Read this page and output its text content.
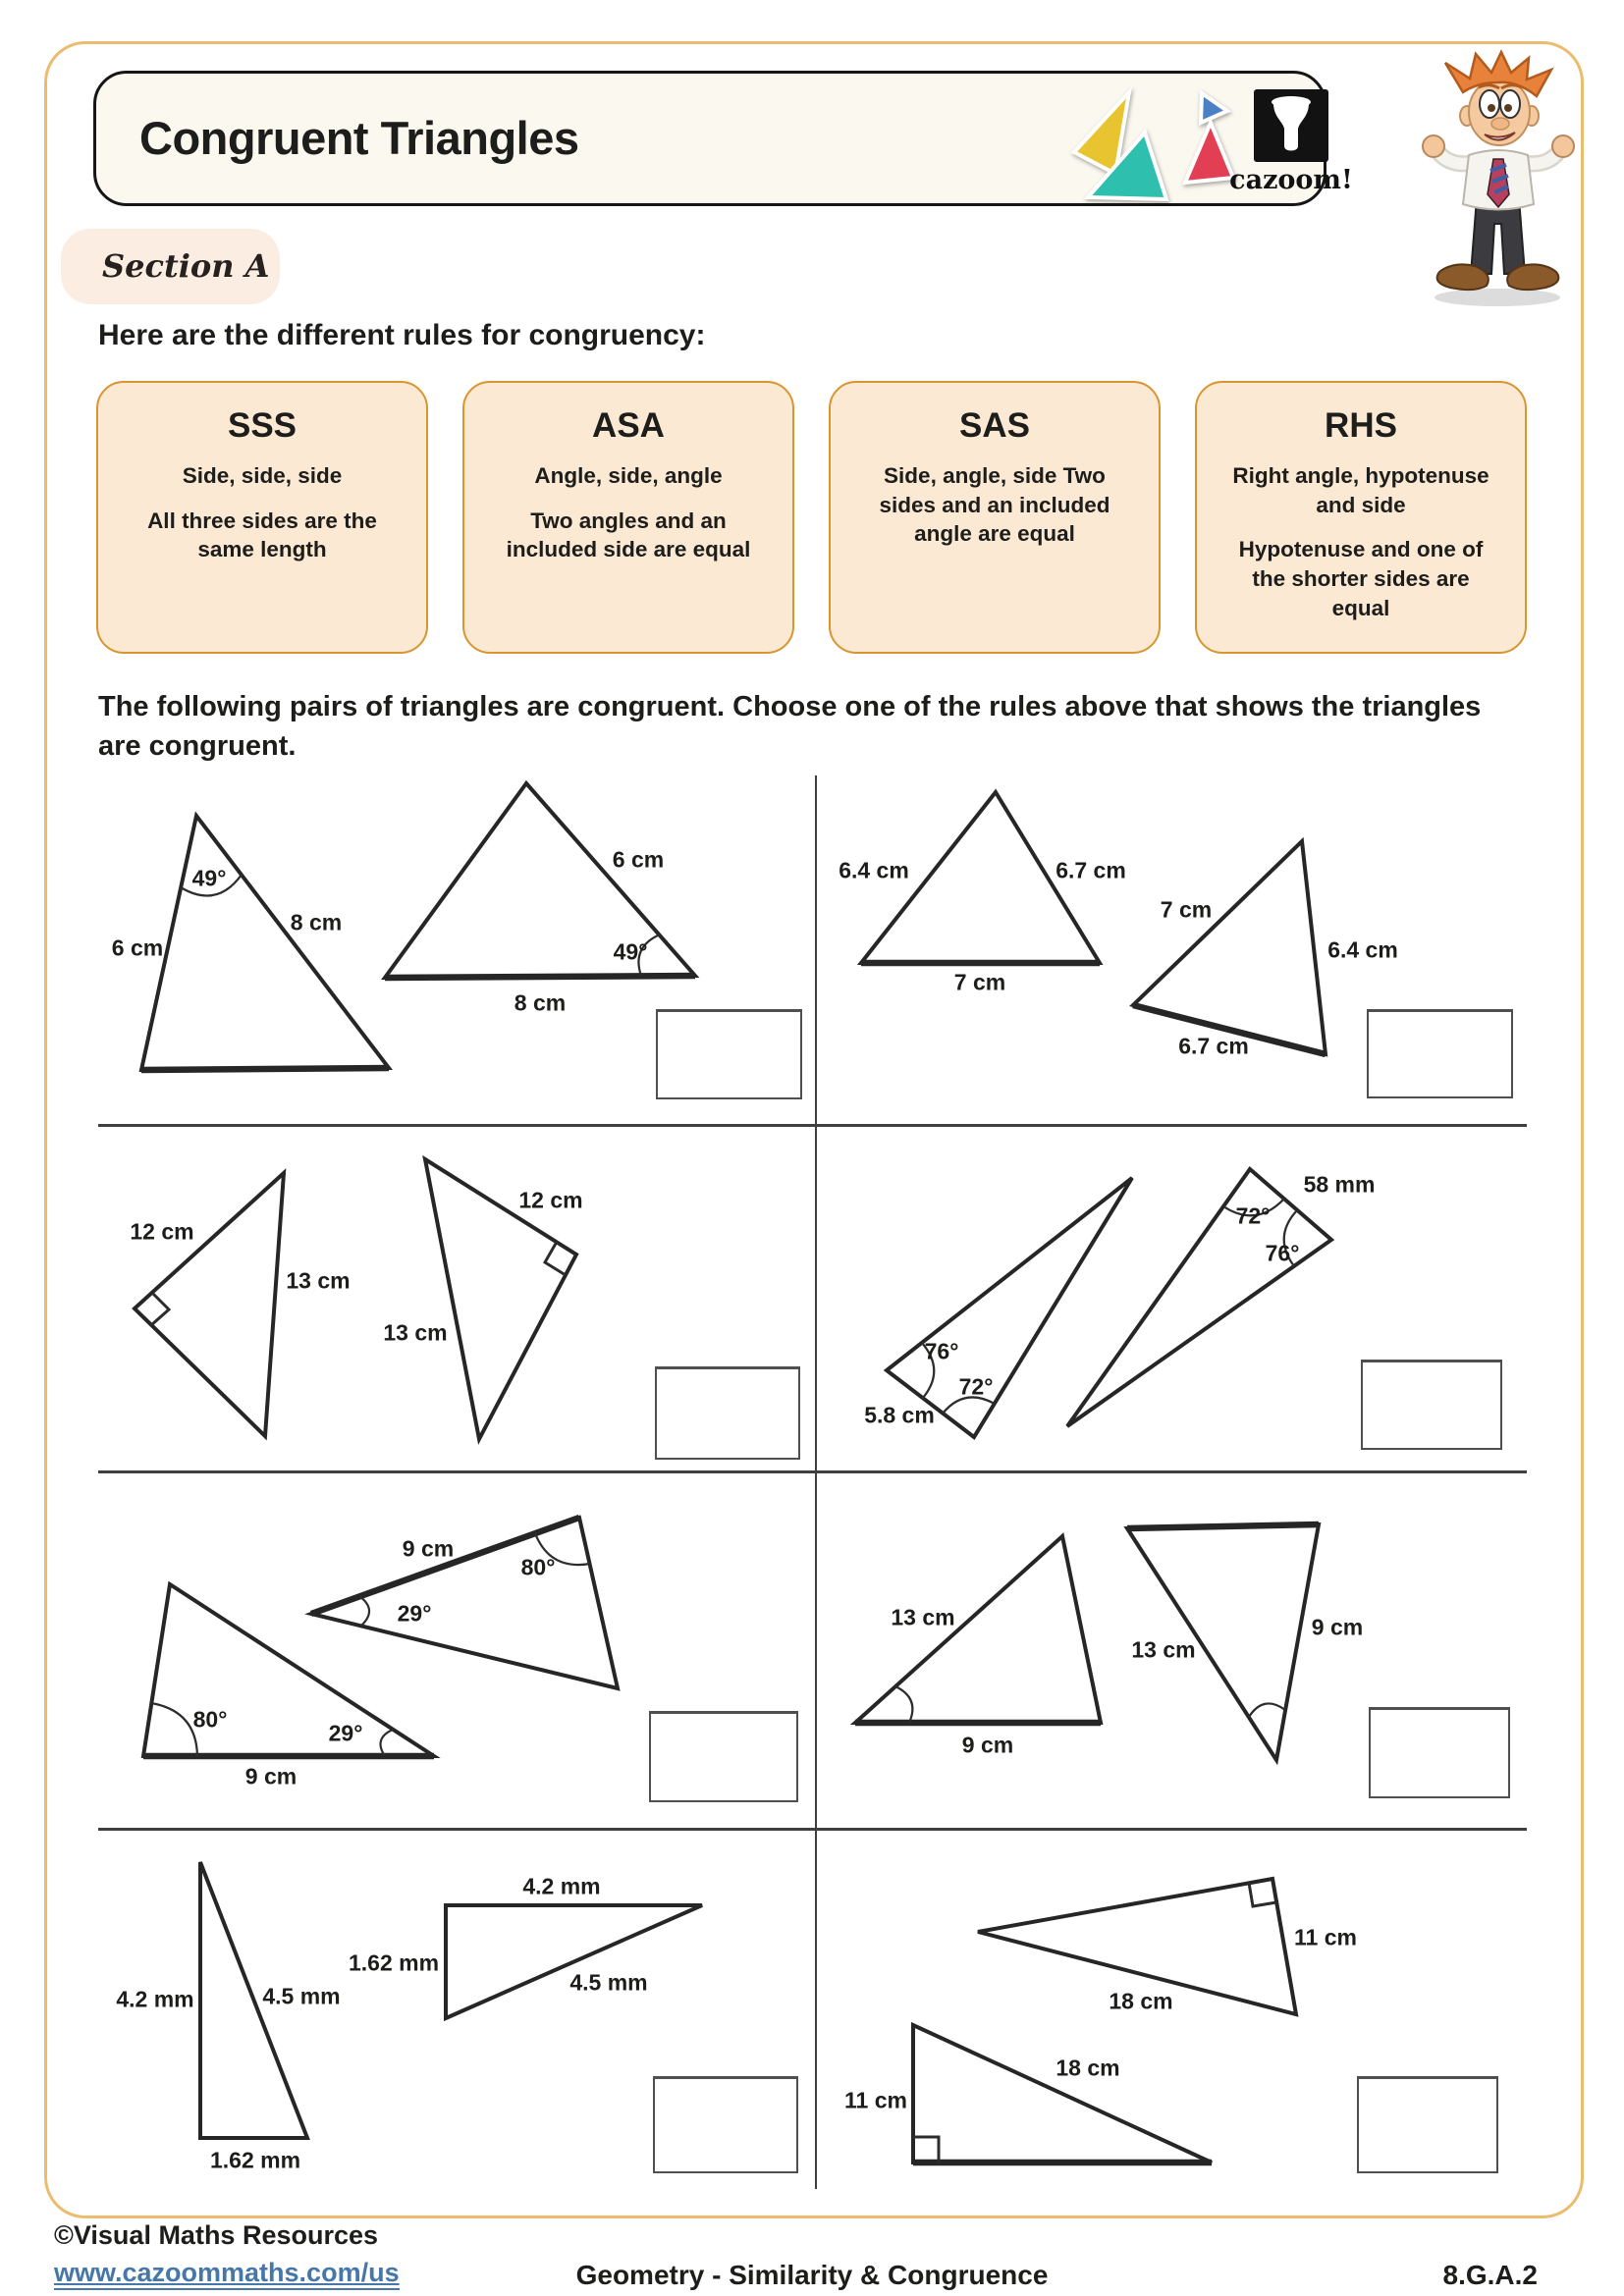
Congruent Triangles
cazoom!
Section A
Here are the different rules for congruency:
SSS

Side, side, side

All three sides are the same length

ASA

Angle, side, angle

Two angles and an included side are equal

SAS

Side, angle, side Two sides and an included angle are equal

RHS

Right angle, hypotenuse and side

Hypotenuse and one of the shorter sides are equal

The following pairs of triangles are congruent. Choose one of the rules above that shows the triangles are congruent.
49°
8 cm
6 cm
6 cm
49°
8 cm
6.4 cm	6.7 cm
7 cm
7 cm
6.4 cm
6.7 cm
12 cm
13 cm
12 cm
13 cm
76°
72°
5.8 cm
72°
76°
58 mm
80°
29°
9 cm
9 cm
29°
80°
13 cm
9 cm
13 cm
9 cm
4.2 mm	4.5 mm
1.62 mm
4.2 mm
1.62 mm
4.5 mm
11 cm
18 cm
11 cm
18 cm
©Visual Maths Resources
www.cazoommaths.com/us	Geometry - Similarity & Congruence	8.G.A.2
